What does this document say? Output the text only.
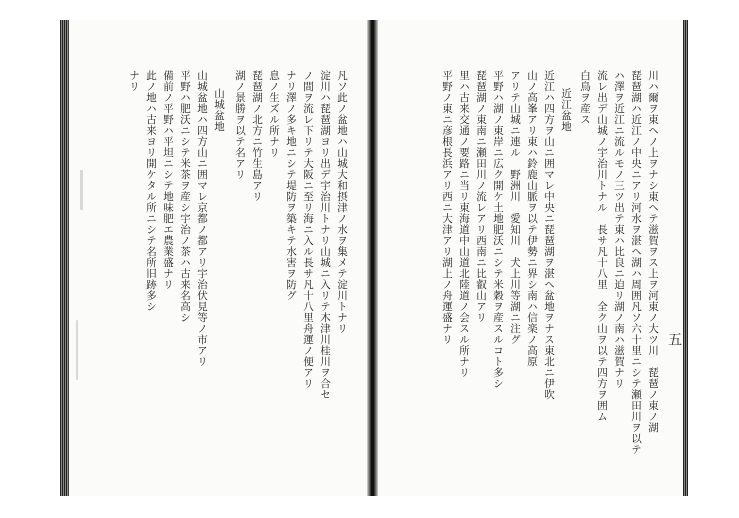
凡ソ此ノ盆地ハ山城大和摂津ノ水ヲ集メテ淀川トナリ
淀川ハ琵琶湖ヨリ出デ宇治川トナリ山城ニ入リテ木津川桂川ヲ合セ
ノ間ヲ流レ下リテ大阪ニ至リ海ニ入ル長サ凡十八里舟運ノ便アリ
ナリ澤ノ多キ地ニシテ堤防ヲ築キテ水害ヲ防グ
息ノ生ズル所ナリ
琵琶湖ノ北方ニ竹生島アリ
湖ノ景勝ヲ以テ名アリ
山城盆地
山城盆地ハ四方山ニ囲マレ京都ノ都アリ宇治伏見等ノ市アリ
平野ハ肥沃ニシテ米茶ヲ産シ宇治ノ茶ハ古来名高シ
備前ノ平野ハ平坦ニシテ地味肥エ農業盛ナリ
此ノ地ハ古来ヨリ開ケタル所ニシテ名所旧跡多シ
ナリ	川ハ爾ヲ東ヘノ上ヲナシ東ヘテ滋賀ヲス上ヲ河東ノ大ツ川　琵琶ノ東ノ湖
琵琶湖ハ近江ノ中央ニアリ河水ヲ湛ヘ湖ハ周囲凡ソ六十里ニシテ瀬田川ヲ以テ
ハ澤ヲ近江ニ流ルモノ三ツ出テ東ハ比良ニ迫リ湖ノ南ハ滋賀ナリ
流レ出デ山城ノ宇治川トナル　長サ凡十八里　全ク山ヲ以テ四方ヲ囲ム
白鳥ヲ産ス
近江盆地
近江ハ四方ヲ山ニ囲マレ中央ニ琵琶湖ヲ湛ヘ盆地ヲナス東北ニ伊吹
山ノ高峯アリ東ハ鈴鹿山脈ヲ以テ伊勢ニ界シ南ハ信楽ノ高原
アリテ山城ニ連ル　野洲川　愛知川　犬上川等湖ニ注グ
平野ハ湖ノ東岸ニ広ク開ケ土地肥沃ニシテ米穀ヲ産スルコト多シ
琵琶湖ノ東南ニ瀬田川ノ流レアリ西南ニ比叡山アリ
里ハ古来交通ノ要路ニ当リ東海道中山道北陸道ノ会スル所ナリ
平野ノ東ニ彦根長浜アリ西ニ大津アリ湖上ノ舟運盛ナリ	五
